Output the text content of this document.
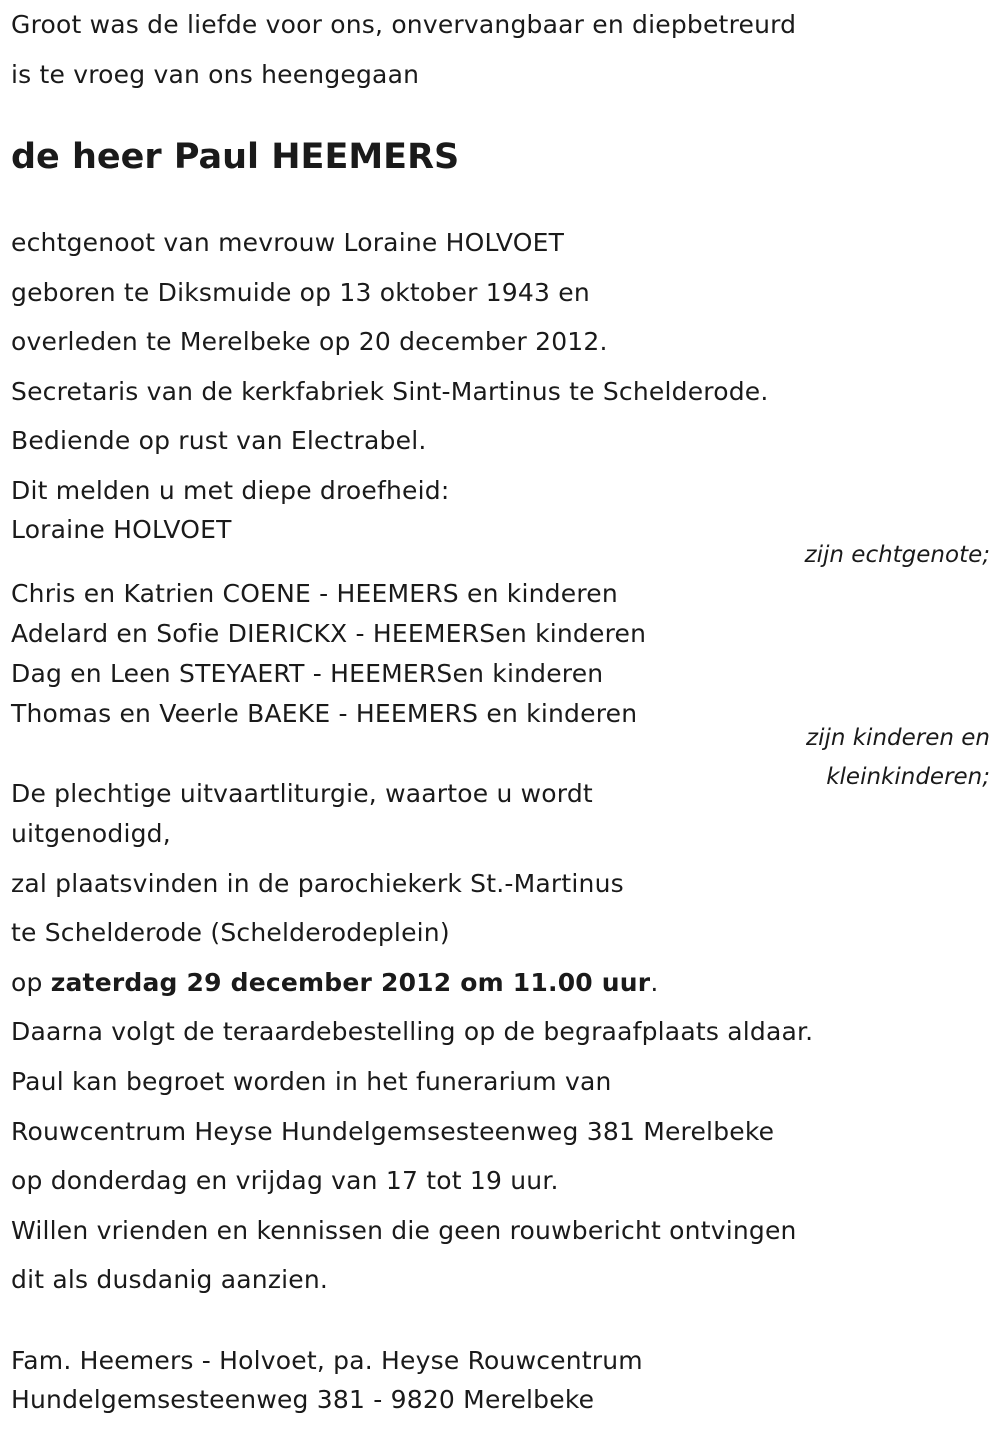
Groot was de liefde voor ons, onvervangbaar en diepbetreurd
is te vroeg van ons heengegaan
de heer Paul HEEMERS
echtgenoot van mevrouw Loraine HOLVOET
geboren te Diksmuide op 13 oktober 1943 en
overleden te Merelbeke op 20 december 2012.
Secretaris van de kerkfabriek Sint-Martinus te Schelderode.
Bediende op rust van Electrabel.
Dit melden u met diepe droefheid:
Loraine HOLVOET
zijn echtgenote;
Chris en Katrien COENE - HEEMERS en kinderen
Adelard en Sofie DIERICKX - HEEMERSen kinderen
Dag en Leen STEYAERT - HEEMERSen kinderen
Thomas en Veerle BAEKE - HEEMERS en kinderen
zijn kinderen en
kleinkinderen;
De plechtige uitvaartliturgie, waartoe u wordt
uitgenodigd,
zal plaatsvinden in de parochiekerk St.-Martinus
te Schelderode (Schelderodeplein)
op zaterdag 29 december 2012 om 11.00 uur.
Daarna volgt de teraardebestelling op de begraafplaats aldaar.
Paul kan begroet worden in het funerarium van
Rouwcentrum Heyse Hundelgemsesteenweg 381 Merelbeke
op donderdag en vrijdag van 17 tot 19 uur.
Willen vrienden en kennissen die geen rouwbericht ontvingen
dit als dusdanig aanzien.
Fam. Heemers - Holvoet, pa. Heyse Rouwcentrum
Hundelgemsesteenweg 381 - 9820 Merelbeke
